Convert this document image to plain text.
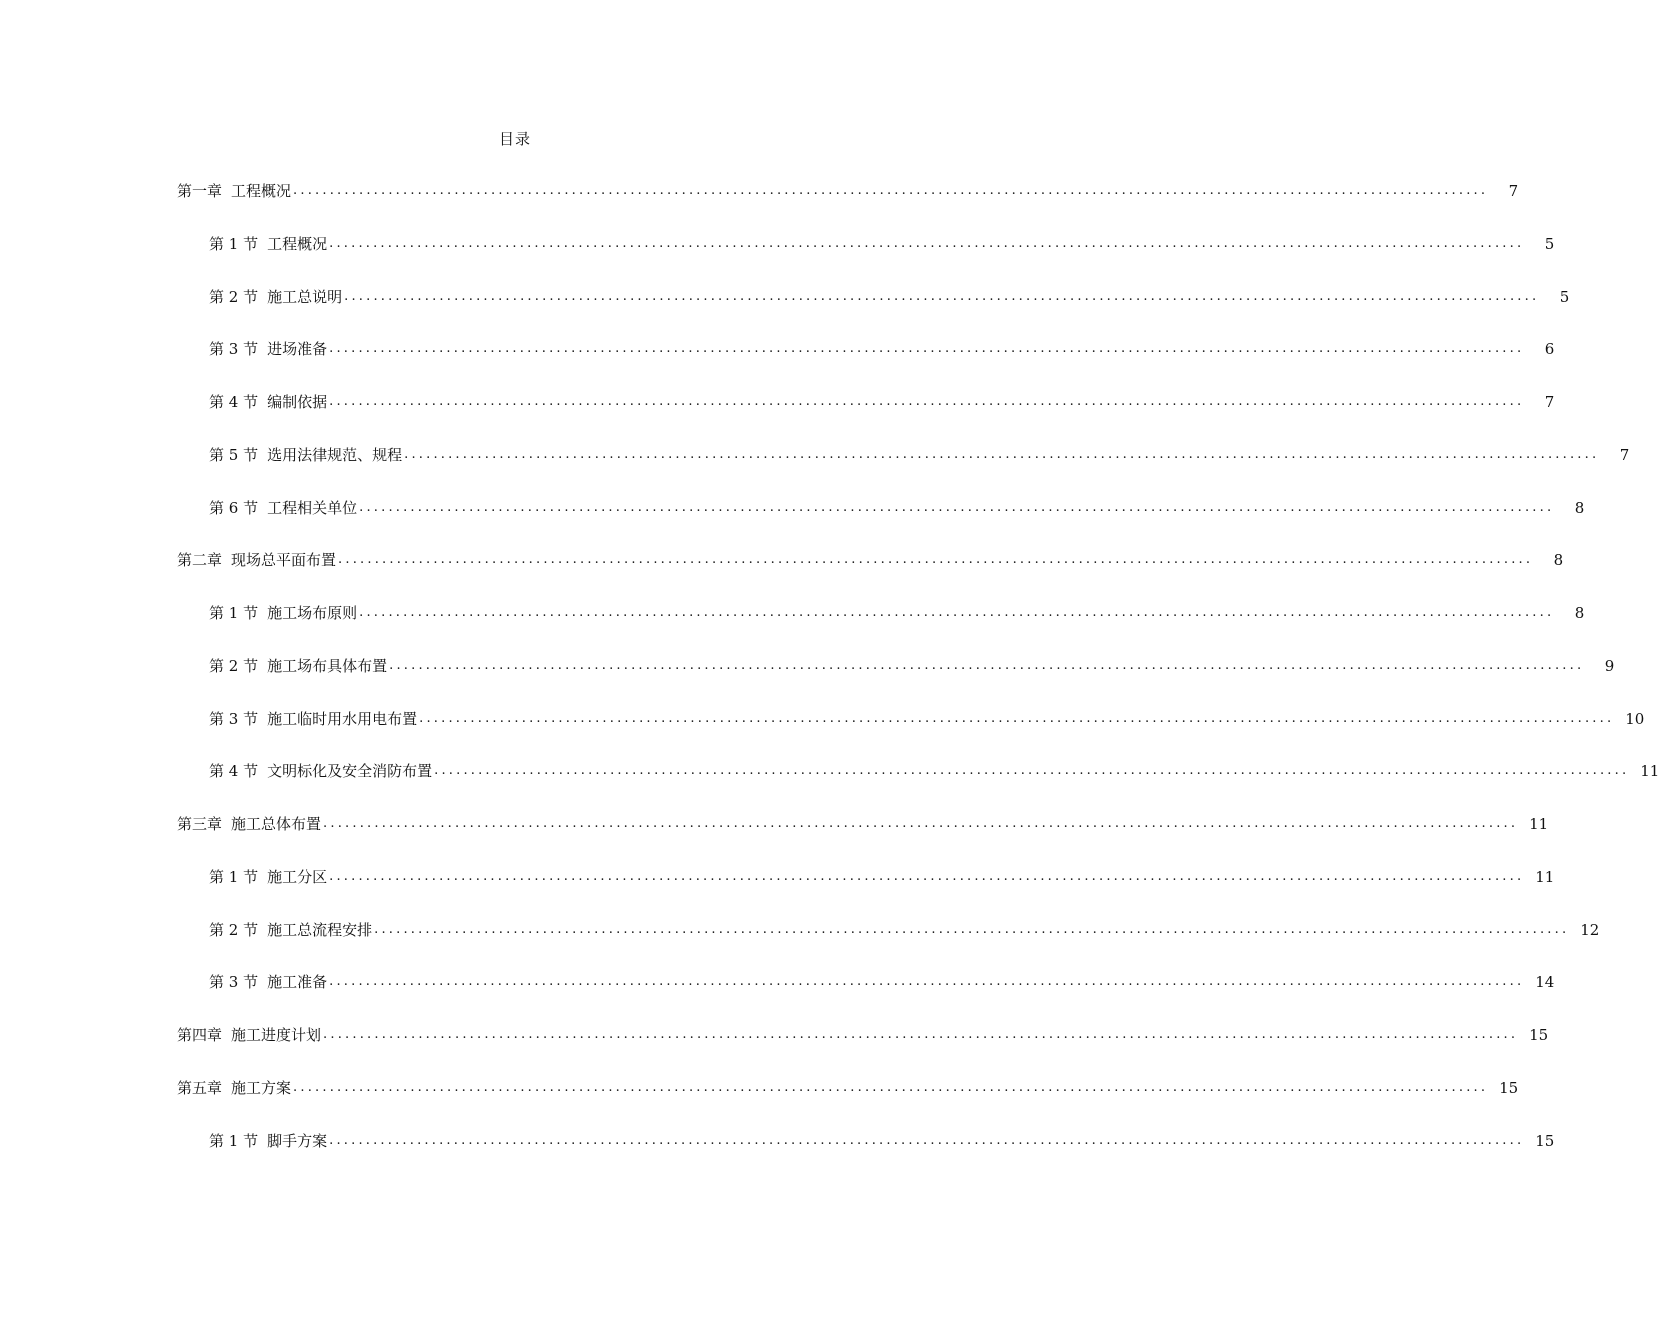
目录
第一章 工程概况 ...................................................................................................................................................................	7
第 1 节 工程概况 ...................................................................................................................................................................	5
第 2 节 施工总说明 ...................................................................................................................................................................	5
第 3 节 进场准备 ...................................................................................................................................................................	6
第 4 节 编制依据 ...................................................................................................................................................................	7
第 5 节 选用法律规范、规程 ...................................................................................................................................................................	7
第 6 节 工程相关单位 ...................................................................................................................................................................	8
第二章 现场总平面布置 ...................................................................................................................................................................	8
第 1 节 施工场布原则 ...................................................................................................................................................................	8
第 2 节 施工场布具体布置 ...................................................................................................................................................................	9
第 3 节 施工临时用水用电布置 ................................................................................................................................................................... 10
第 4 节 文明标化及安全消防布置 ................................................................................................................................................................... 11
第三章 施工总体布置 ................................................................................................................................................................... 11
第 1 节 施工分区 ................................................................................................................................................................... 11
第 2 节 施工总流程安排 ................................................................................................................................................................... 12
第 3 节 施工准备 ................................................................................................................................................................... 14
第四章 施工进度计划 ................................................................................................................................................................... 15
第五章 施工方案 ................................................................................................................................................................... 15
第 1 节 脚手方案 ................................................................................................................................................................... 15
